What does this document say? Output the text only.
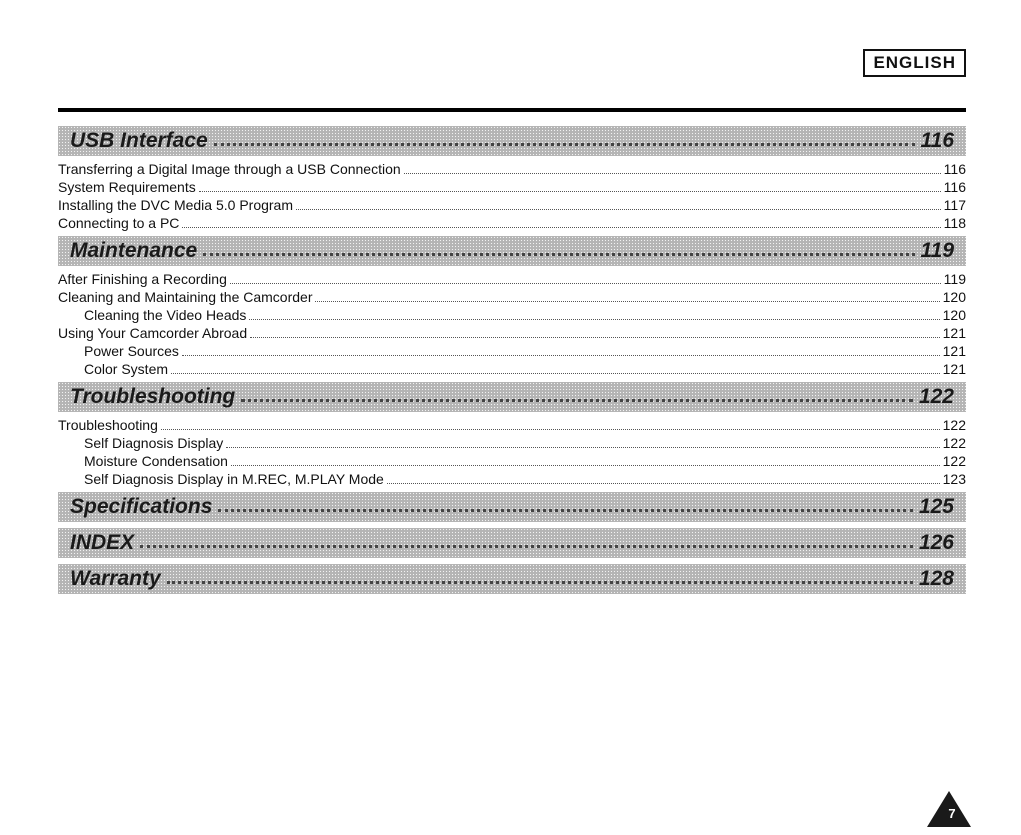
ENGLISH
USB Interface	116
Transferring a Digital Image through a USB Connection	116
System Requirements	116
Installing the DVC Media 5.0 Program	117
Connecting to a PC	118
Maintenance	119
After Finishing a Recording	119
Cleaning and Maintaining the Camcorder	120
Cleaning the Video Heads	120
Using Your Camcorder Abroad	121
Power Sources	121
Color System	121
Troubleshooting	122
Troubleshooting	122
Self Diagnosis Display	122
Moisture Condensation	122
Self Diagnosis Display in M.REC, M.PLAY Mode	123
Specifications	125
INDEX	126
Warranty	128
7
